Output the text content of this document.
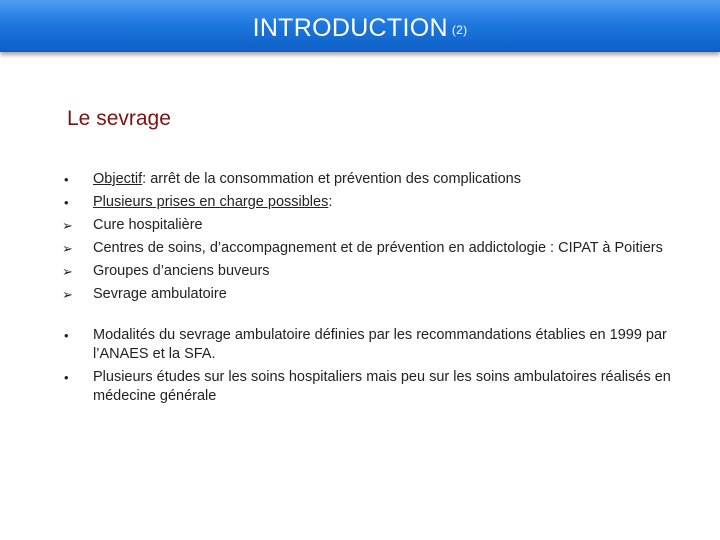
INTRODUCTION (2)
Le sevrage
•	Objectif: arrêt de la consommation et prévention des complications
•	Plusieurs prises en charge possibles:
➢	Cure hospitalière
➢	Centres de soins, d’accompagnement et de prévention en addictologie : CIPAT à Poitiers
➢	Groupes d’anciens buveurs
➢	Sevrage ambulatoire
•	Modalités du sevrage ambulatoire définies par les recommandations établies en 1999 par l’ANAES et la SFA.
•	Plusieurs études sur les soins hospitaliers mais peu sur les soins ambulatoires réalisés en médecine générale
